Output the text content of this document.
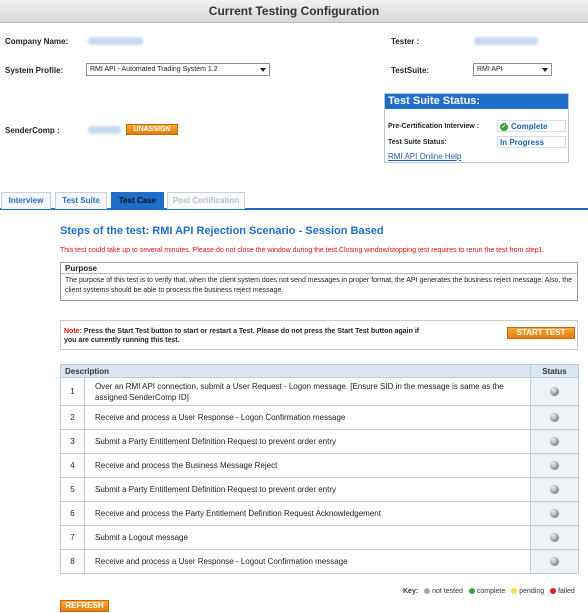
Current Testing Configuration
Company Name:	Tester :
System Profile:	RMI API - Automated Trading System 1.2	TestSuite:	RMI API
SenderComp :	UNASSIGN
Test Suite Status:
Pre-Certification Interview :	✓ Complete
Test Suite Status:	In Progress
RMI API Online Help
Interview	Test Suite	Test Case	Post Certification
Steps of the test: RMI API Rejection Scenario - Session Based
This test could take up to several minutes. Please do not close the window during the test.Closing window/stopping test requires to rerun the test from step1.
Purpose
The purpose of this test is to verify that, when the client system does not send messages in proper format, the API generates the business reject message. Also, the client systems should be able to process the business reject message.
Note: Press the Start Test button to start or restart a Test. Please do not press the Start Test button again if you are currently running this test.
START TEST
Description		Status
1	Over an RMI API connection, submit a User Request - Logon message. [Ensure SID in the message is same as the assigned SenderComp ID]	

2	Receive and process a User Response - Logon Confirmation message	

3	Submit a Party Entitlement Definition Request to prevent order entry	

4	Receive and process the Business Message Reject	

5	Submit a Party Entitlement Definition Request to prevent order entry	

6	Receive and process the Party Entitlement Definition Request Acknowledgement	

7	Submit a Logout message	

8	Receive and process a User Response - Logout Confirmation message	
Key: not tested complete pending failed
REFRESH
